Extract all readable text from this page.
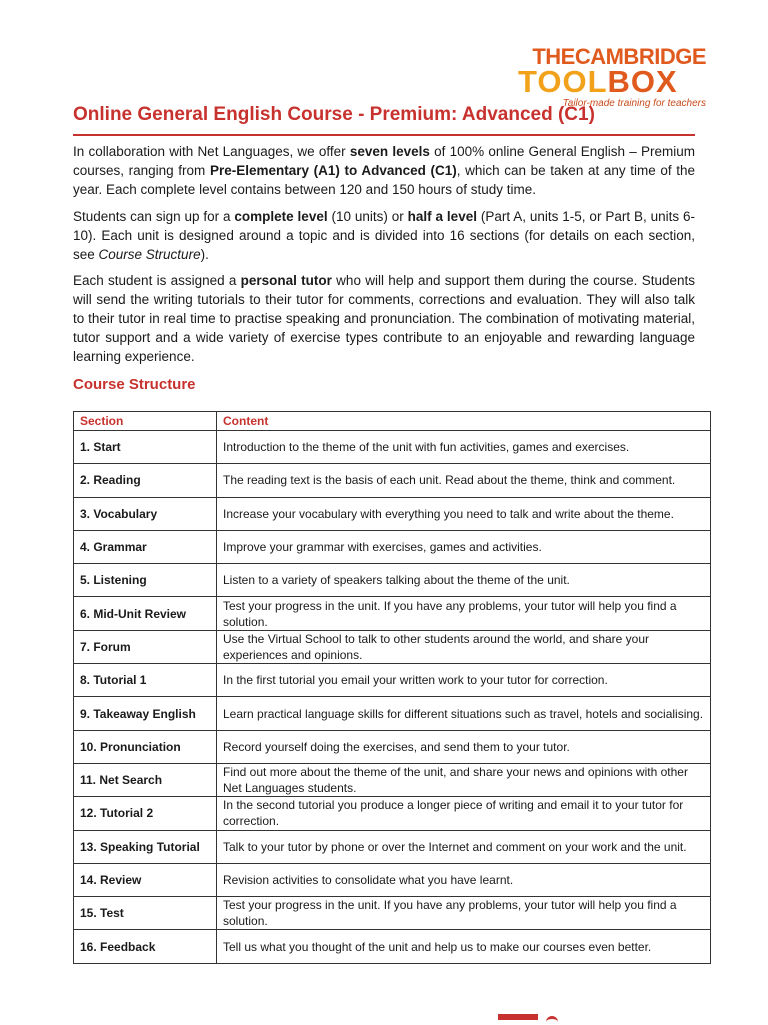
THECAMBRIDGE
TOOLBOX
Tailor-made training for teachers
Online General English Course - Premium: Advanced (C1)

In collaboration with Net Languages, we offer seven levels of 100% online General English – Premium courses, ranging from Pre-Elementary (A1) to Advanced (C1), which can be taken at any time of the year. Each complete level contains between 120 and 150 hours of study time.

Students can sign up for a complete level (10 units) or half a level (Part A, units 1-5, or Part B, units 6-10). Each unit is designed around a topic and is divided into 16 sections (for details on each section, see Course Structure).

Each student is assigned a personal tutor who will help and support them during the course. Students will send the writing tutorials to their tutor for comments, corrections and evaluation. They will also talk to their tutor in real time to practise speaking and pronunciation. The combination of motivating material, tutor support and a wide variety of exercise types contribute to an enjoyable and rewarding language learning experience.

Course Structure
Section	Content
1. Start	Introduction to the theme of the unit with fun activities, games and exercises.
2. Reading	The reading text is the basis of each unit. Read about the theme, think and comment.
3. Vocabulary	Increase your vocabulary with everything you need to talk and write about the theme.
4. Grammar	Improve your grammar with exercises, games and activities.
5. Listening	Listen to a variety of speakers talking about the theme of the unit.
6. Mid-Unit Review	Test your progress in the unit. If you have any problems, your tutor will help you find a solution.
7. Forum	Use the Virtual School to talk to other students around the world, and share your experiences and opinions.
8. Tutorial 1	In the first tutorial you email your written work to your tutor for correction.
9. Takeaway English	Learn practical language skills for different situations such as travel, hotels and socialising.
10. Pronunciation	Record yourself doing the exercises, and send them to your tutor.
11. Net Search	Find out more about the theme of the unit, and share your news and opinions with other Net Languages students.
12. Tutorial 2	In the second tutorial you produce a longer piece of writing and email it to your tutor for correction.
13. Speaking Tutorial	Talk to your tutor by phone or over the Internet and comment on your work and the unit.
14. Review	Revision activities to consolidate what you have learnt.
15. Test	Test your progress in the unit. If you have any problems, your tutor will help you find a solution.
16. Feedback	Tell us what you thought of the unit and help us to make our courses even better.
